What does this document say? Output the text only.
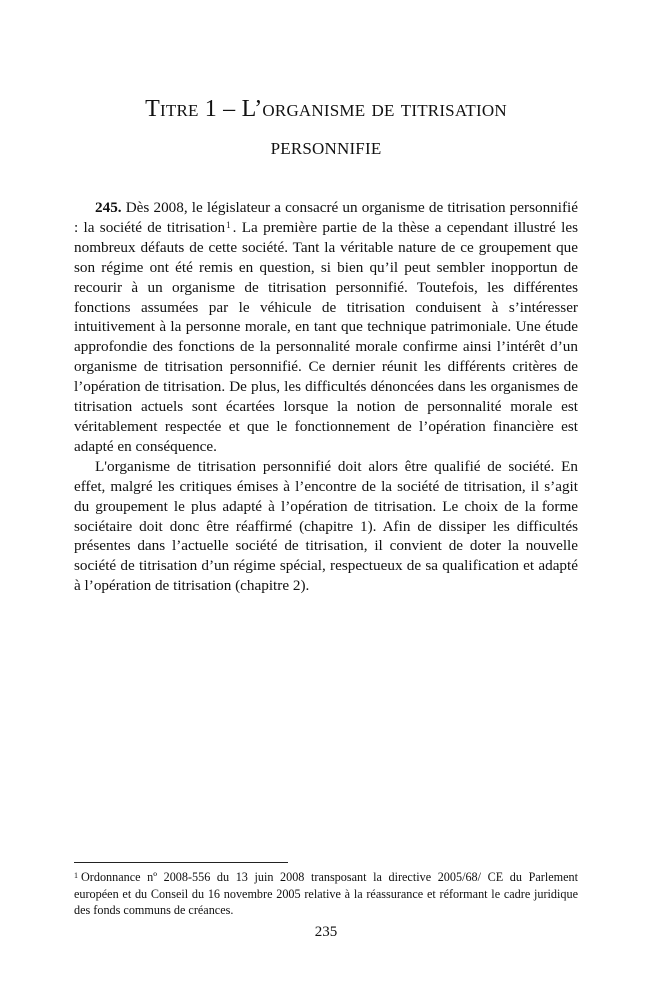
Titre 1 – L’organisme de titrisation
personnifie

245. Dès 2008, le législateur a consacré un organisme de titrisation personnifié : la société de titrisation$^1$ . La première partie de la thèse a cependant illustré les nombreux défauts de cette société. Tant la véritable nature de ce groupement que son régime ont été remis en question, si bien qu’il peut sembler inopportun de recourir à un organisme de titrisation personnifié. Toutefois, les différentes fonctions assumées par le véhicule de titrisation conduisent à s’intéresser intuitivement à la personne morale, en tant que technique patrimoniale. Une étude approfondie des fonctions de la personnalité morale confirme ainsi l’intérêt d’un organisme de titrisation personnifié. Ce dernier réunit les différents critères de l’opération de titrisation. De plus, les difficultés dénoncées dans les organismes de titrisation actuels sont écartées lorsque la notion de personnalité morale est véritablement respectée et que le fonctionnement de l’opération financière est adapté en conséquence.

L'organisme de titrisation personnifié doit alors être qualifié de société. En effet, malgré les critiques émises à l’encontre de la société de titrisation, il s’agit du groupement le plus adapté à l’opération de titrisation. Le choix de la forme sociétaire doit donc être réaffirmé (chapitre 1). Afin de dissiper les difficultés présentes dans l’actuelle société de titrisation, il convient de doter la nouvelle société de titrisation d’un régime spécial, respectueux de sa qualification et adapté à l’opération de titrisation (chapitre 2).

$^1$ Ordonnance nº 2008-556 du 13 juin 2008 transposant la directive 2005/68/ CE du Parlement européen et du Conseil du 16 novembre 2005 relative à la réassurance et réformant le cadre juridique des fonds communs de créances.

235
